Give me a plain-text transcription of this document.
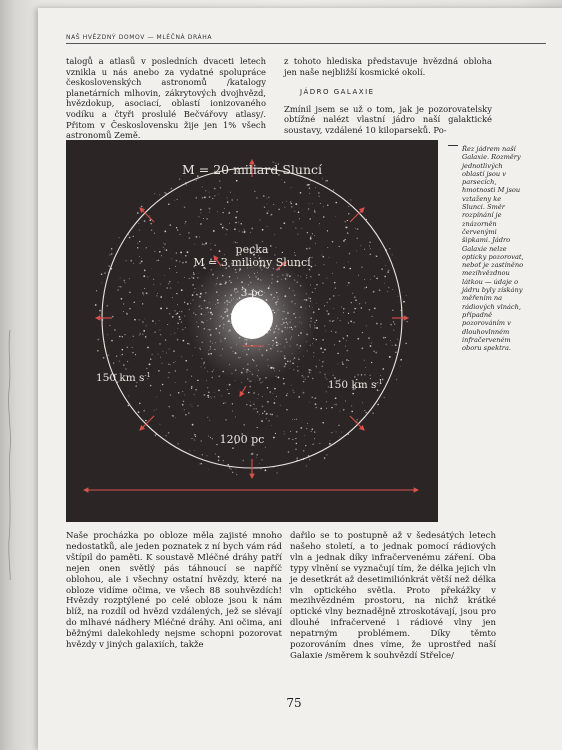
NAŠ HVĚZDNÝ DOMOV — MLÉČNÁ DRÁHA

talogů a atlasů v posledních dvaceti letech vznikla u nás anebo za vydatné spolupráce československých astronomů /katalogy planetárních mlhovin, zákrytových dvojhvězd, hvězdokup, asociací, oblastí ionizovaného vodíku a čtyři proslulé Bečvářovy atlasy/. Přitom v Československu žije jen 1% všech astronomů Země.

z tohoto hlediska představuje hvězdná obloha jen naše nejbližší kosmické okolí.

JÁDRO GALAXIE

Zmínil jsem se už o tom, jak je pozorovatelsky obtížné nalézt vlastní jádro naší galaktické soustavy, vzdálené 10 kiloparseků. Po-

M = 20 miliard Sluncí
pecka
M = 3 miliony Sluncí
3 pc
150 km $s^{-1}$
150 km $s^{-1}$
1200 pc
Řez jádrem naší Galaxie. Rozměry jednotlivých oblastí jsou v parsecích, hmotnosti M jsou vztaženy ke Slunci. Směr rozpínání je znázorněn červenými šipkami. Jádro Galaxie nelze opticky pozorovat, neboť je zastíněno mezihvězdnou látkou — údaje o jádru byly získány měřením na rádiových vlnách, případně pozorováním v dlouhovlnném infračerveném oboru spektra.

Naše procházka po obloze měla zajisté mnoho nedostatků, ale jeden poznatek z ní bych vám rád vštípil do paměti. K soustavě Mléčné dráhy patří nejen onen světlý pás táhnoucí se napříč oblohou, ale i všechny ostatní hvězdy, které na obloze vidíme očima, ve všech 88 souhvězdích! Hvězdy rozptýlené po celé obloze jsou k nám blíž, na rozdíl od hvězd vzdálených, jež se slévají do mlhavé nádhery Mléčné dráhy. Ani očima, ani běžnými dalekohledy nejsme schopni pozorovat hvězdy v jiných galaxiích, takže

dařilo se to postupně až v šedesátých letech našeho století, a to jednak pomocí rádiových vln a jednak díky infračervenému záření. Oba typy vlnění se vyznačují tím, že délka jejich vln je desetkrát až desetimiliónkrát větší než délka vln optického světla. Proto překážky v mezihvězdném prostoru, na nichž krátké optické vlny beznadějně ztroskotávají, jsou pro dlouhé infračervené i rádiové vlny jen nepatrným problémem. Díky těmto pozorováním dnes víme, že uprostřed naší Galaxie /směrem k souhvězdí Střelce/

75
